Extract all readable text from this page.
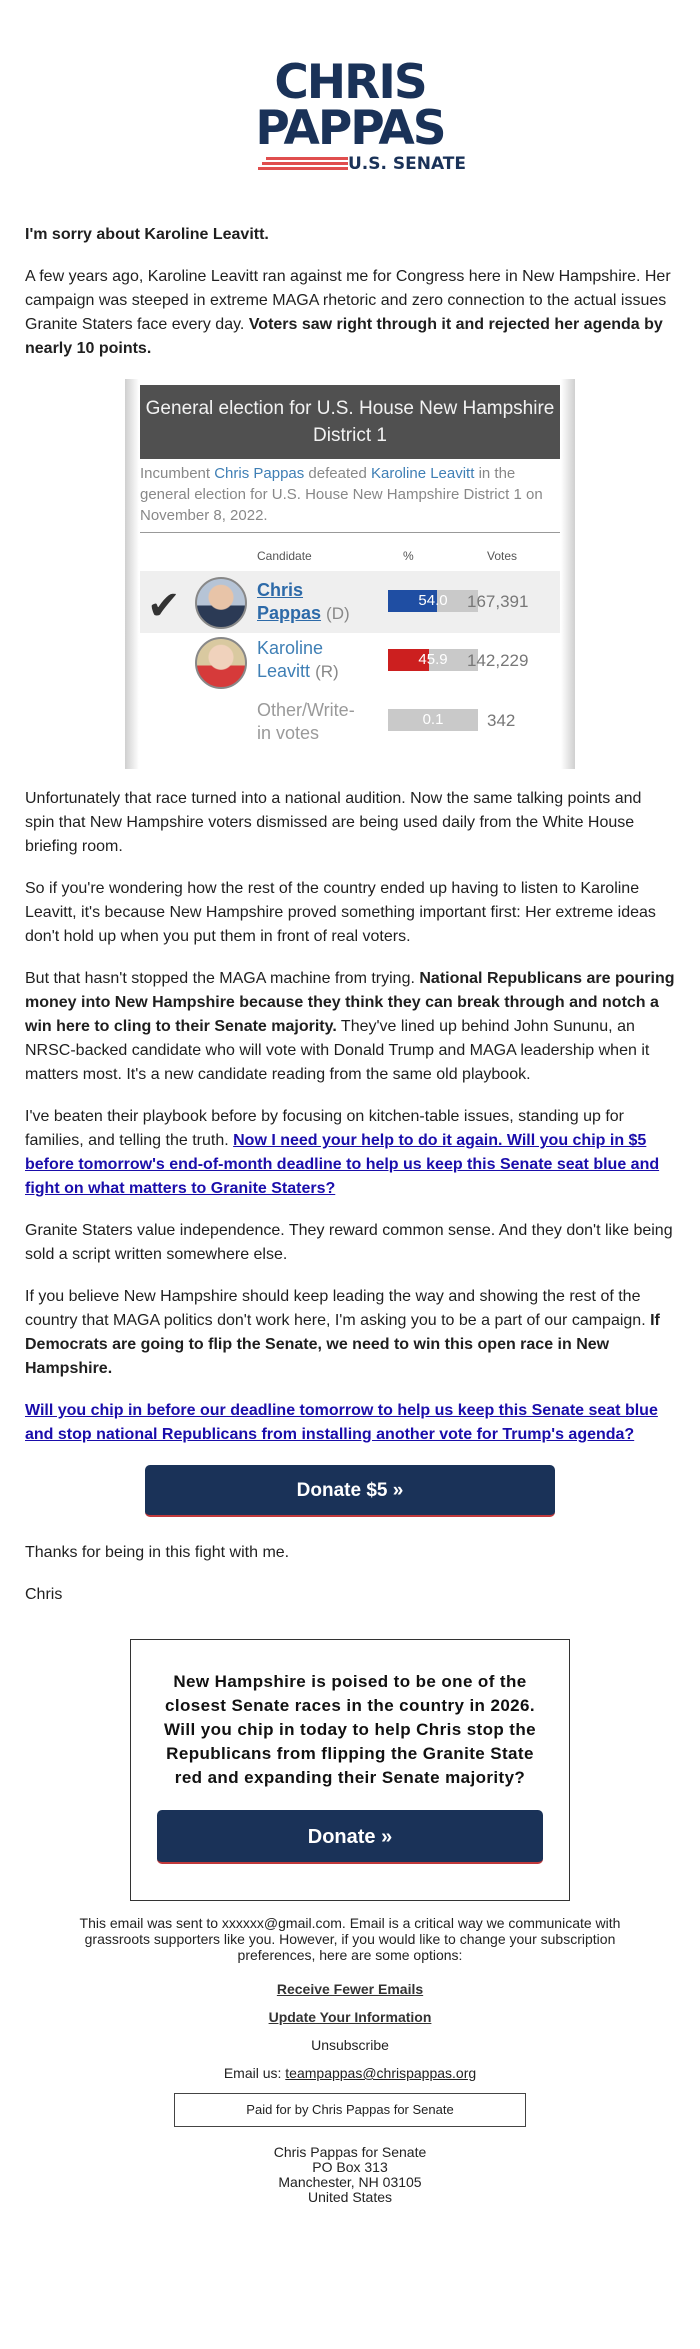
CHRIS
PAPPAS
U.S. SENATE

I'm sorry about Karoline Leavitt.

A few years ago, Karoline Leavitt ran against me for Congress here in New Hampshire. Her campaign was steeped in extreme MAGA rhetoric and zero connection to the actual issues Granite Staters face every day. Voters saw right through it and rejected her agenda by nearly 10 points.

General election for U.S. House New Hampshire District 1
Incumbent Chris Pappas defeated Karoline Leavitt in the general election for U.S. House New Hampshire District 1 on November 8, 2022.
Candidate	%	Votes
✔	Chris
Pappas (D)
54.0	167,391
Karoline
Leavitt (R)
45.9	142,229
Other/Write-
in votes
0.1	342

Unfortunately that race turned into a national audition. Now the same talking points and spin that New Hampshire voters dismissed are being used daily from the White House briefing room.

So if you're wondering how the rest of the country ended up having to listen to Karoline Leavitt, it's because New Hampshire proved something important first: Her extreme ideas don't hold up when you put them in front of real voters.

But that hasn't stopped the MAGA machine from trying. National Republicans are pouring money into New Hampshire because they think they can break through and notch a win here to cling to their Senate majority. They've lined up behind John Sununu, an NRSC-backed candidate who will vote with Donald Trump and MAGA leadership when it matters most. It's a new candidate reading from the same old playbook.

I've beaten their playbook before by focusing on kitchen-table issues, standing up for families, and telling the truth. Now I need your help to do it again. Will you chip in $5 before tomorrow's end-of-month deadline to help us keep this Senate seat blue and fight on what matters to Granite Staters?

Granite Staters value independence. They reward common sense. And they don't like being sold a script written somewhere else.

If you believe New Hampshire should keep leading the way and showing the rest of the country that MAGA politics don't work here, I'm asking you to be a part of our campaign. If Democrats are going to flip the Senate, we need to win this open race in New Hampshire.

Will you chip in before our deadline tomorrow to help us keep this Senate seat blue and stop national Republicans from installing another vote for Trump's agenda?

Donate $5 »

Thanks for being in this fight with me.

Chris

New Hampshire is poised to be one of the closest Senate races in the country in 2026. Will you chip in today to help Chris stop the Republicans from flipping the Granite State red and expanding their Senate majority?

Donate »
This email was sent to xxxxxx@gmail.com. Email is a critical way we communicate with grassroots supporters like you. However, if you would like to change your subscription preferences, here are some options:
Receive Fewer Emails
Update Your Information
Unsubscribe
Email us: teampappas@chrispappas.org
Paid for by Chris Pappas for Senate
Chris Pappas for Senate
PO Box 313
Manchester, NH 03105
United States
